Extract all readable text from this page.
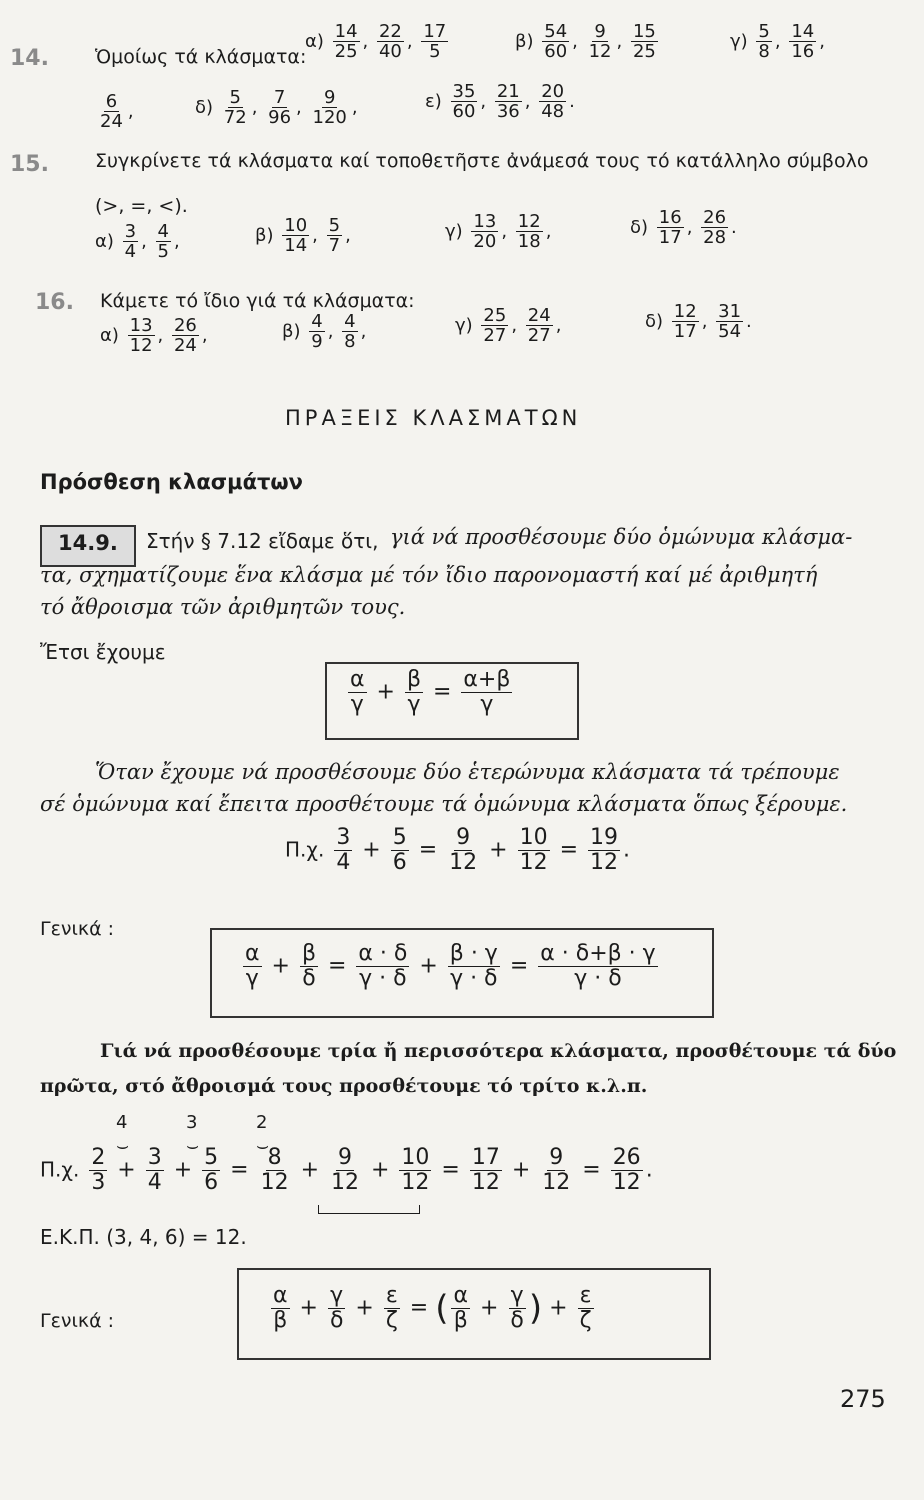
14. Ὁμοίως τά κλάσματα:
$\alpha) \frac{14}{25}$ , $\frac{22}{40}$ , $\frac{17}{5}$	$\beta) \frac{54}{60}$ , $\frac{9}{12}$ , $\frac{15}{25}$	$\gamma) \frac{5}{8}$ , $\frac{14}{16}$ ,
$\frac{6}{24}$ ,	$\delta) \frac{5}{72}$ , $\frac{7}{96}$ , $\frac{9}{120}$ ,	$\varepsilon) \frac{35}{60}$ , $\frac{21}{36}$ , $\frac{20}{48}$ .
15. Συγκρίνετε τά κλάσματα καί τοποθετῆστε ἀνάμεσά τους τό κατάλληλο σύμβολο
(>, =, <).
$\alpha) \frac{3}{4}$ , $\frac{4}{5}$ ,	$\beta) \frac{10}{14}$ , $\frac{5}{7}$ ,	$\gamma) \frac{13}{20}$ , $\frac{12}{18}$ ,	$\delta) \frac{16}{17}$ , $\frac{26}{28}$ .
16. Κάμετε τό ἴδιο γιά τά κλάσματα:
$\alpha) \frac{13}{12}$ , $\frac{26}{24}$ ,	$\beta) \frac{4}{9}$ , $\frac{4}{8}$ ,	$\gamma) \frac{25}{27}$ , $\frac{24}{27}$ ,	$\delta) \frac{12}{17}$ , $\frac{31}{54}$ .
ΠΡΑΞΕΙΣ ΚΛΑΣΜΑΤΩΝ
Πρόσθεση κλασμάτων
14.9. Στήν § 7.12 εἴδαμε ὅτι, γιά νά προσθέσουμε δύο ὁμώνυμα κλάσμα-
τα, σχηματίζουμε ἕνα κλάσμα μέ τόν ἴδιο παρονομαστή καί μέ ἀριθμητή
τό ἄθροισμα τῶν ἀριθμητῶν τους.
Ἔτσι ἔχουμε
$\frac{\alpha}{\gamma} + \frac{\beta}{\gamma} = \frac{\alpha+\beta}{\gamma}$
Ὅταν ἔχουμε νά προσθέσουμε δύο ἑτερώνυμα κλάσματα τά τρέπουμε
σέ ὁμώνυμα καί ἔπειτα προσθέτουμε τά ὁμώνυμα κλάσματα ὅπως ξέρουμε.
Π.χ. $\frac{3}{4} + \frac{5}{6} = \frac{9}{12} + \frac{10}{12} = \frac{19}{12}$ .
Γενικά :
$\frac{\alpha}{\gamma} + \frac{\beta}{\delta} = \frac{\alpha \cdot \delta}{\gamma \cdot \delta} + \frac{\beta \cdot \gamma}{\gamma \cdot \delta} = \frac{\alpha \cdot \delta+\beta \cdot \gamma}{\gamma \cdot \delta}$
Γιά νά προσθέσουμε τρία ἤ περισσότερα κλάσματα, προσθέτουμε τά δύο
πρῶτα, στό ἄθροισμά τους προσθέτουμε τό τρίτο κ.λ.π.
4
⌣
3
⌣
2
⌣
Π.χ. $\frac{2}{3} + \frac{3}{4} + \frac{5}{6} = \frac{8}{12} + \frac{9}{12} + \frac{10}{12} = \frac{17}{12} + \frac{9}{12} = \frac{26}{12}$ .
Ε.Κ.Π. (3, 4, 6) = 12.
Γενικά :	$\frac{\alpha}{\beta} + \frac{\gamma}{\delta} + \frac{\varepsilon}{\zeta}$ = ( $\frac{\alpha}{\beta} + \frac{\gamma}{\delta}$ ) + $\frac{\varepsilon}{\zeta}$
275
